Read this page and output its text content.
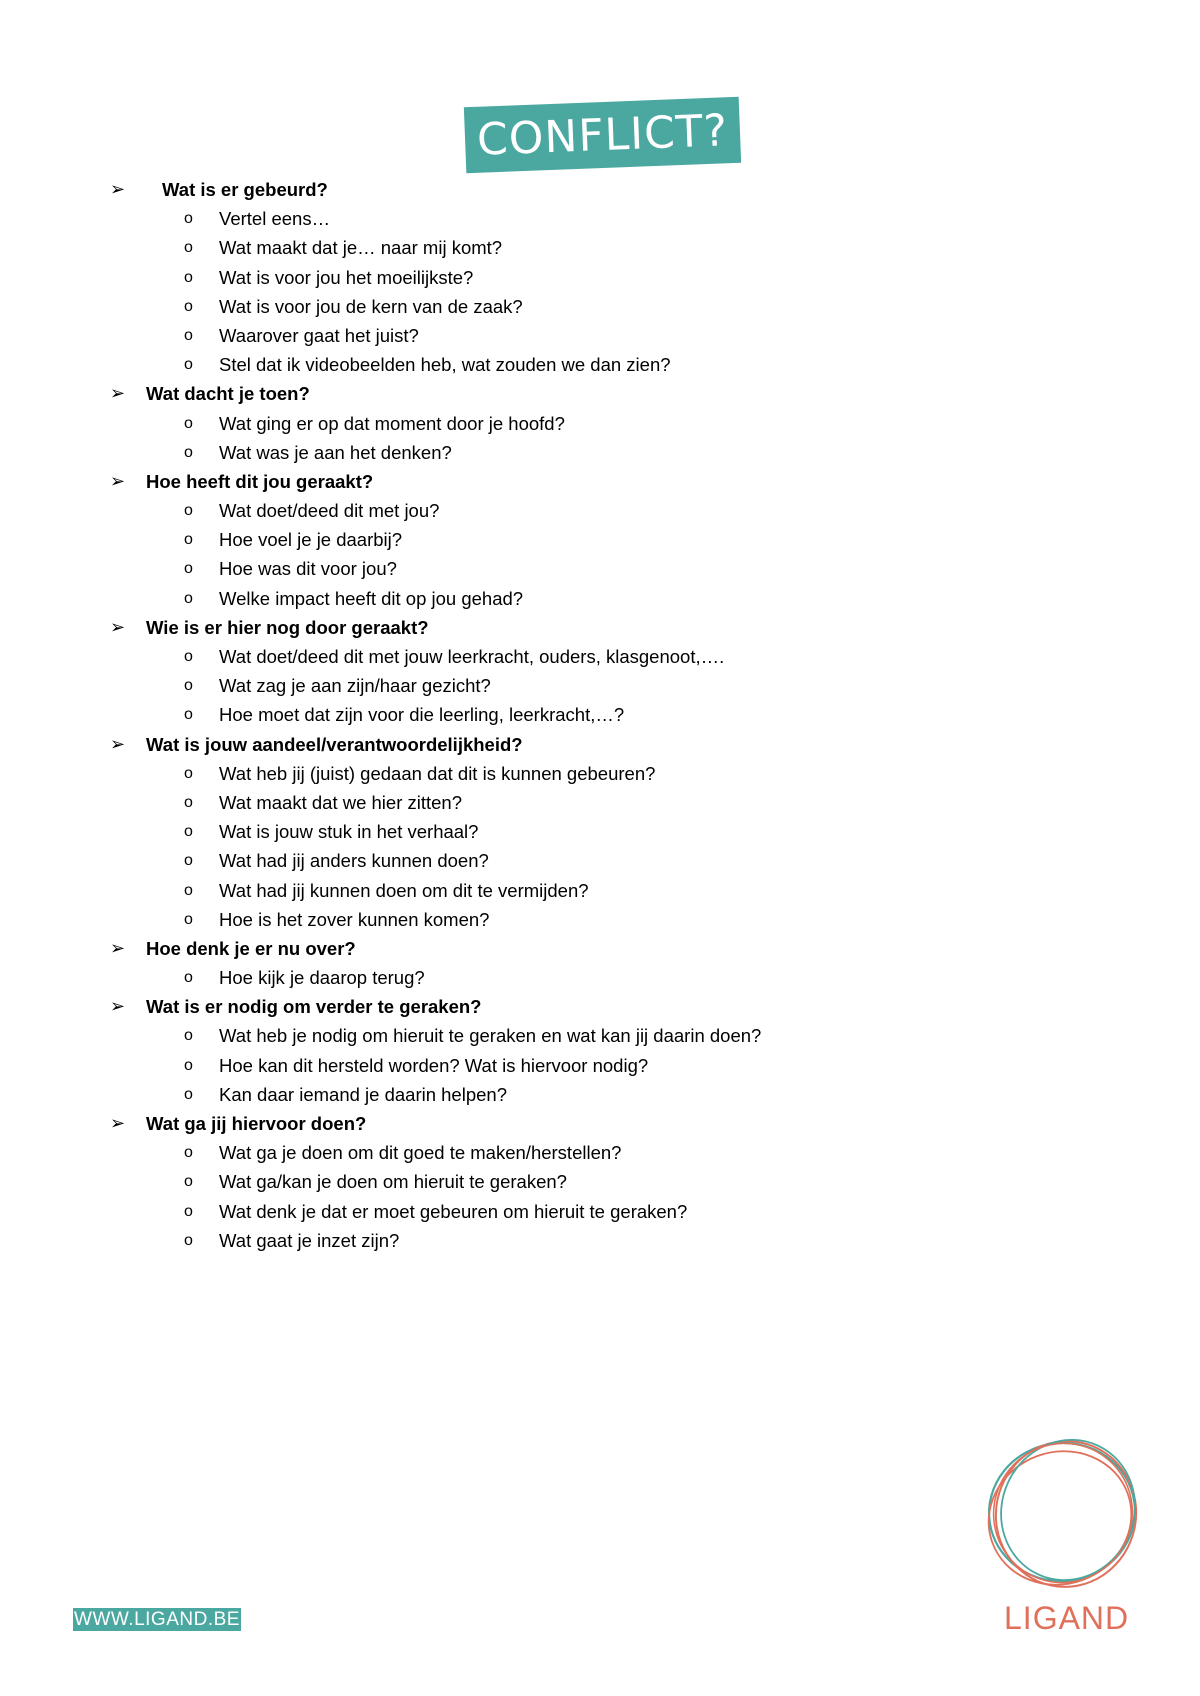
CONFLICT?
➢ Wat is er gebeurd?
o Vertel eens…
o Wat maakt dat je… naar mij komt?
o Wat is voor jou het moeilijkste?
o Wat is voor jou de kern van de zaak?
o Waarover gaat het juist?
o Stel dat ik videobeelden heb, wat zouden we dan zien?
➢ Wat dacht je toen?
o Wat ging er op dat moment door je hoofd?
o Wat was je aan het denken?
➢ Hoe heeft dit jou geraakt?
o Wat doet/deed dit met jou?
o Hoe voel je je daarbij?
o Hoe was dit voor jou?
o Welke impact heeft dit op jou gehad?
➢ Wie is er hier nog door geraakt?
o Wat doet/deed dit met jouw leerkracht, ouders, klasgenoot,….
o Wat zag je aan zijn/haar gezicht?
o Hoe moet dat zijn voor die leerling, leerkracht,…?
➢ Wat is jouw aandeel/verantwoordelijkheid?
o Wat heb jij (juist) gedaan dat dit is kunnen gebeuren?
o Wat maakt dat we hier zitten?
o Wat is jouw stuk in het verhaal?
o Wat had jij anders kunnen doen?
o Wat had jij kunnen doen om dit te vermijden?
o Hoe is het zover kunnen komen?
➢ Hoe denk je er nu over?
o Hoe kijk je daarop terug?
➢ Wat is er nodig om verder te geraken?
o Wat heb je nodig om hieruit te geraken en wat kan jij daarin doen?
o Hoe kan dit hersteld worden? Wat is hiervoor nodig?
o Kan daar iemand je daarin helpen?
➢ Wat ga jij hiervoor doen?
o Wat ga je doen om dit goed te maken/herstellen?
o Wat ga/kan je doen om hieruit te geraken?
o Wat denk je dat er moet gebeuren om hieruit te geraken?
o Wat gaat je inzet zijn?
LIGAND
WWW.LIGAND.BE
